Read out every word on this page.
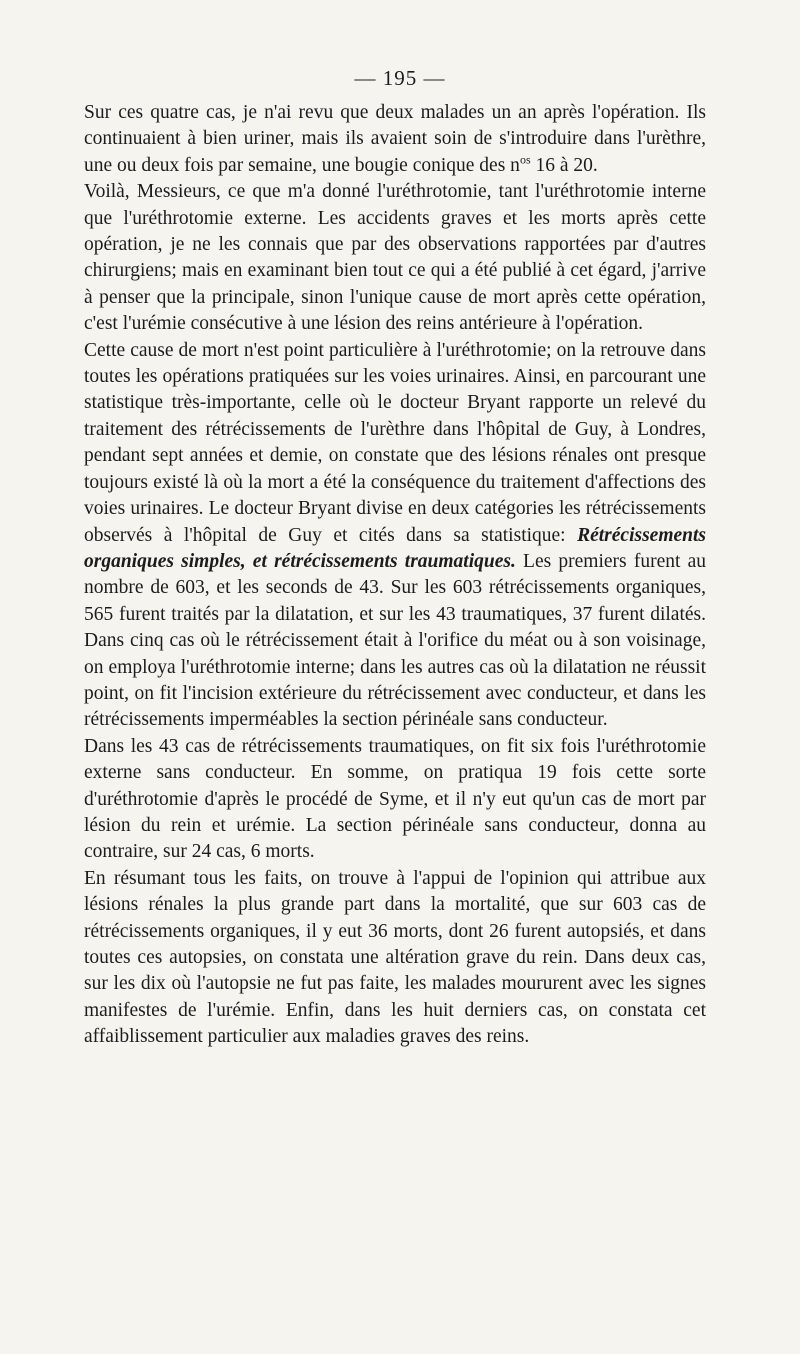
— 195 —

Sur ces quatre cas, je n'ai revu que deux malades un an après l'opération. Ils continuaient à bien uriner, mais ils avaient soin de s'introduire dans l'urèthre, une ou deux fois par semaine, une bougie conique des $n^{os}$ 16 à 20.

Voilà, Messieurs, ce que m'a donné l'uréthrotomie, tant l'uréthrotomie interne que l'uréthrotomie externe. Les accidents graves et les morts après cette opération, je ne les connais que par des observations rapportées par d'autres chirurgiens; mais en examinant bien tout ce qui a été publié à cet égard, j'arrive à penser que la principale, sinon l'unique cause de mort après cette opération, c'est l'urémie consécutive à une lésion des reins antérieure à l'opération.

Cette cause de mort n'est point particulière à l'uréthrotomie; on la retrouve dans toutes les opérations pratiquées sur les voies urinaires. Ainsi, en parcourant une statistique très-importante, celle où le docteur Bryant rapporte un relevé du traitement des rétrécissements de l'urèthre dans l'hôpital de Guy, à Londres, pendant sept années et demie, on constate que des lésions rénales ont presque toujours existé là où la mort a été la conséquence du traitement d'affections des voies urinaires. Le docteur Bryant divise en deux catégories les rétrécissements observés à l'hôpital de Guy et cités dans sa statistique: Rétrécissements organiques simples, et rétrécissements traumatiques. Les premiers furent au nombre de 603, et les seconds de 43. Sur les 603 rétrécissements organiques, 565 furent traités par la dilatation, et sur les 43 traumatiques, 37 furent dilatés. Dans cinq cas où le rétrécissement était à l'orifice du méat ou à son voisinage, on employa l'uréthrotomie interne; dans les autres cas où la dilatation ne réussit point, on fit l'incision extérieure du rétrécissement avec conducteur, et dans les rétrécissements imperméables la section périnéale sans conducteur.

Dans les 43 cas de rétrécissements traumatiques, on fit six fois l'uréthrotomie externe sans conducteur. En somme, on pratiqua 19 fois cette sorte d'uréthrotomie d'après le procédé de Syme, et il n'y eut qu'un cas de mort par lésion du rein et urémie. La section périnéale sans conducteur, donna au contraire, sur 24 cas, 6 morts.

En résumant tous les faits, on trouve à l'appui de l'opinion qui attribue aux lésions rénales la plus grande part dans la mortalité, que sur 603 cas de rétrécissements organiques, il y eut 36 morts, dont 26 furent autopsiés, et dans toutes ces autopsies, on constata une altération grave du rein. Dans deux cas, sur les dix où l'autopsie ne fut pas faite, les malades moururent avec les signes manifestes de l'urémie. Enfin, dans les huit derniers cas, on constata cet affaiblissement particulier aux maladies graves des reins.
